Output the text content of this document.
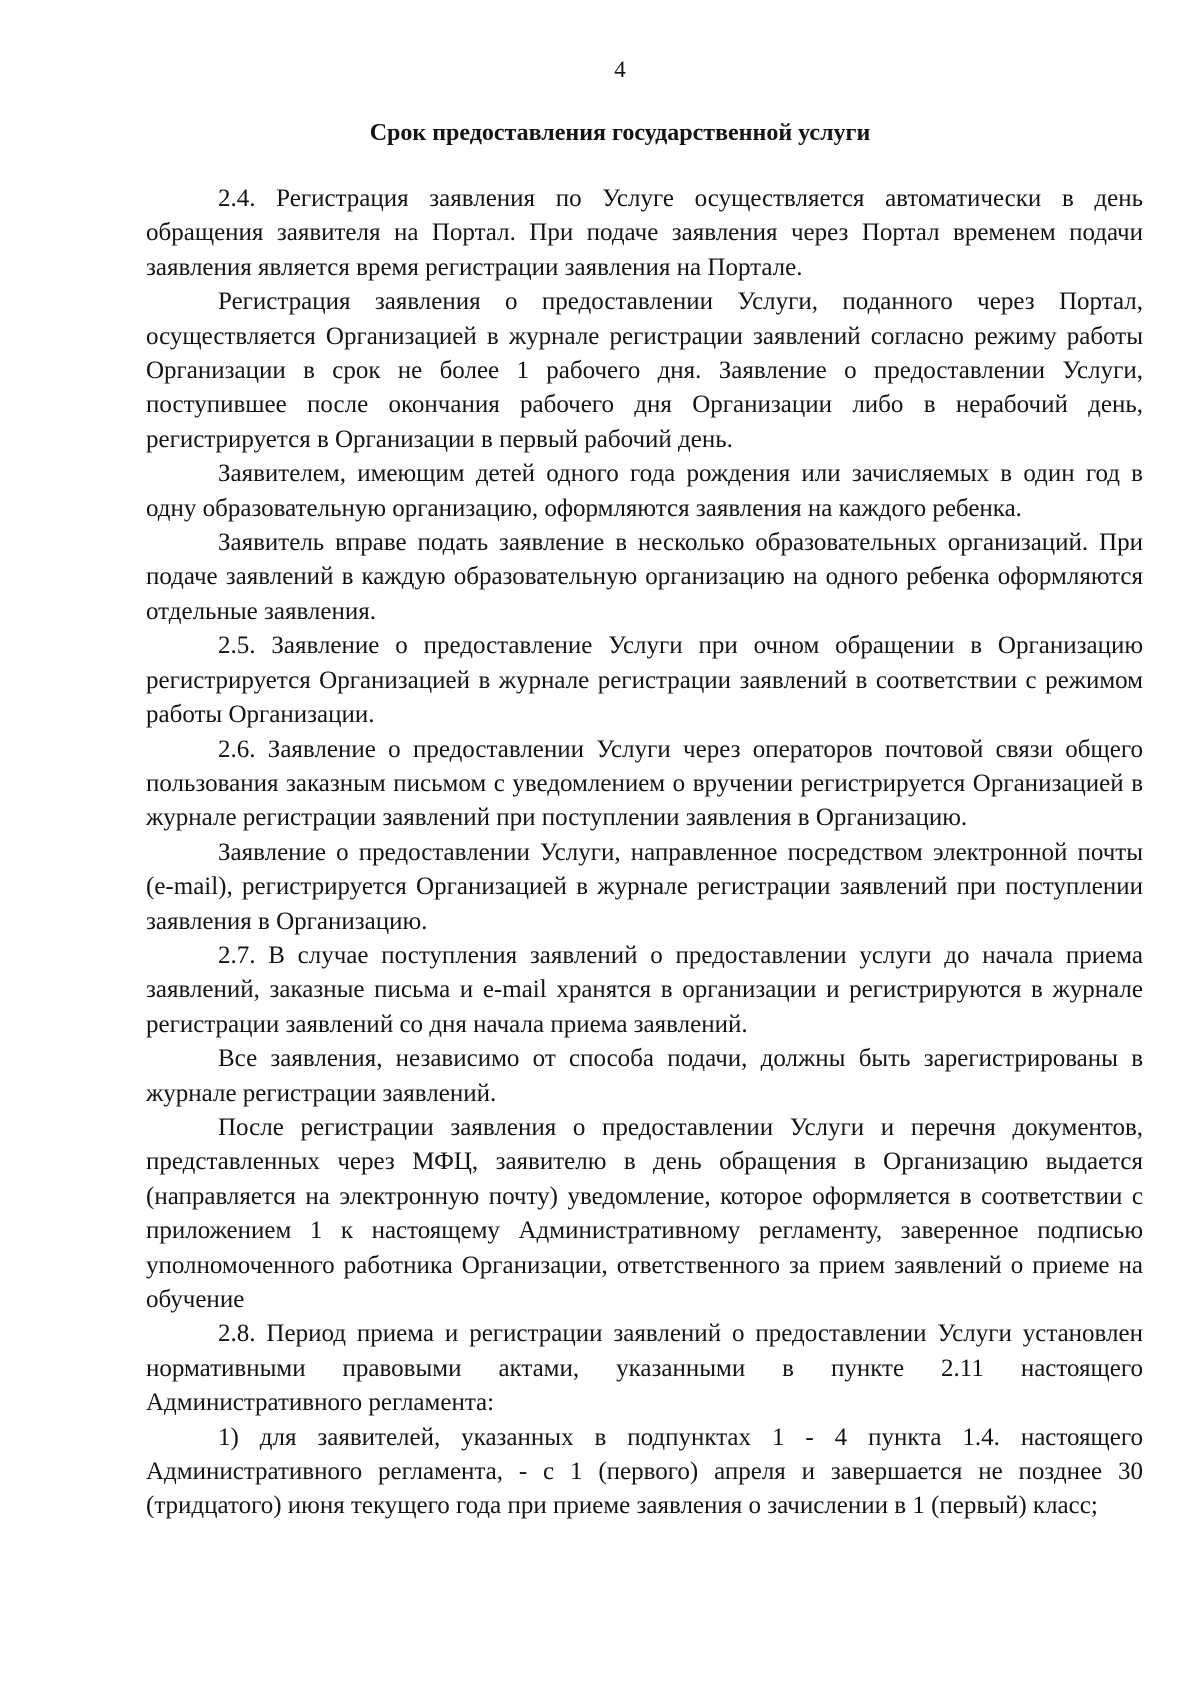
4
Срок предоставления государственной услуги

2.4. Регистрация заявления по Услуге осуществляется автоматически в день обращения заявителя на Портал. При подаче заявления через Портал временем подачи заявления является время регистрации заявления на Портале.

Регистрация заявления о предоставлении Услуги, поданного через Портал, осуществляется Организацией в журнале регистрации заявлений согласно режиму работы Организации в срок не более 1 рабочего дня. Заявление о предоставлении Услуги, поступившее после окончания рабочего дня Организации либо в нерабочий день, регистрируется в Организации в первый рабочий день.

Заявителем, имеющим детей одного года рождения или зачисляемых в один год в одну образовательную организацию, оформляются заявления на каждого ребенка.

Заявитель вправе подать заявление в несколько образовательных организаций. При подаче заявлений в каждую образовательную организацию на одного ребенка оформляются отдельные заявления.

2.5. Заявление о предоставление Услуги при очном обращении в Организацию регистрируется Организацией в журнале регистрации заявлений в соответствии с режимом работы Организации.

2.6. Заявление о предоставлении Услуги через операторов почтовой связи общего пользования заказным письмом с уведомлением о вручении регистрируется Организацией в журнале регистрации заявлений при поступлении заявления в Организацию.

Заявление о предоставлении Услуги, направленное посредством электронной почты (e-mail), регистрируется Организацией в журнале регистрации заявлений при поступлении заявления в Организацию.

2.7. В случае поступления заявлений о предоставлении услуги до начала приема заявлений, заказные письма и e-mail хранятся в организации и регистрируются в журнале регистрации заявлений со дня начала приема заявлений.

Все заявления, независимо от способа подачи, должны быть зарегистрированы в журнале регистрации заявлений.

После регистрации заявления о предоставлении Услуги и перечня документов, представленных через МФЦ, заявителю в день обращения в Организацию выдается (направляется на электронную почту) уведомление, которое оформляется в соответствии с приложением 1 к настоящему Административному регламенту, заверенное подписью уполномоченного работника Организации, ответственного за прием заявлений о приеме на обучение

2.8. Период приема и регистрации заявлений о предоставлении Услуги установлен нормативными правовыми актами, указанными в пункте 2.11 настоящего Административного регламента:

1) для заявителей, указанных в подпунктах 1 - 4 пункта 1.4. настоящего Административного регламента, - с 1 (первого) апреля и завершается не позднее 30 (тридцатого) июня текущего года при приеме заявления о зачислении в 1 (первый) класс;
